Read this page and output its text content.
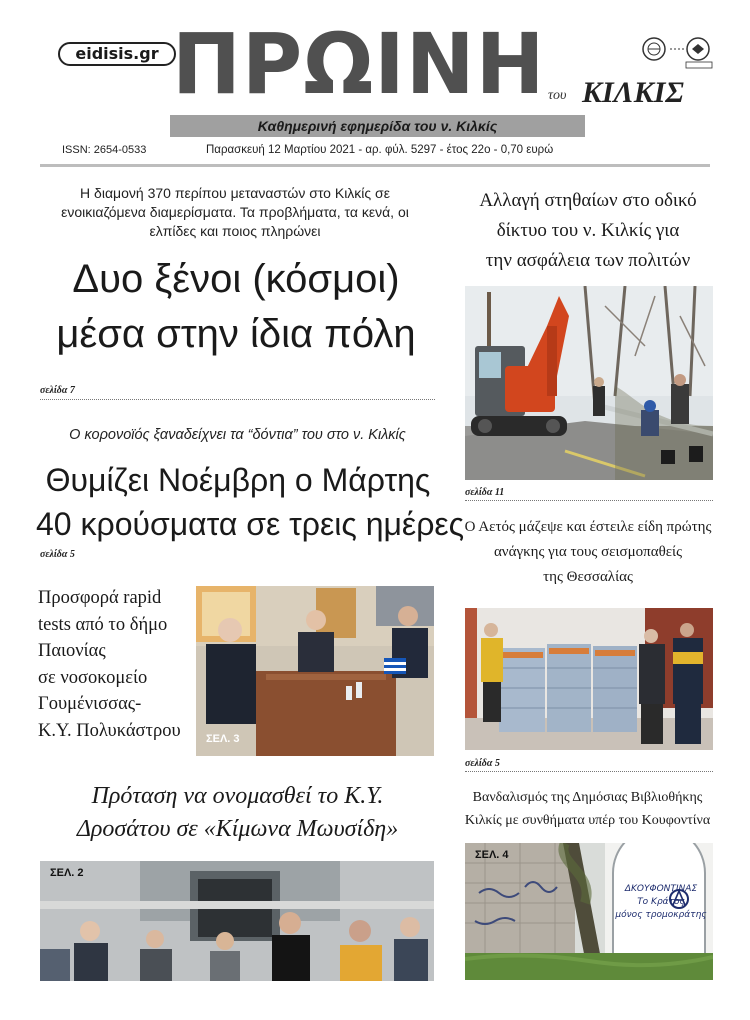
eidisis.gr ΠΡΩΙΝΗ του ΚΙΛΚΙΣ
Καθημερινή εφημερίδα του ν. Κιλκίς
ISSN: 2654-0533	Παρασκευή 12 Μαρτίου 2021 - αρ. φύλ. 5297 - έτος 22ο - 0,70 ευρώ
Η διαμονή 370 περίπου μεταναστών στο Κιλκίς σε ενοικιαζόμενα διαμερίσματα. Τα προβλήματα, τα κενά, οι ελπίδες και ποιος πληρώνει
Δυο ξένοι (κόσμοι)
μέσα στην ίδια πόλη
σελίδα 7
Ο κορονοϊός ξαναδείχνει τα “δόντια” του στο ν. Κιλκίς
Θυμίζει Νοέμβρη ο Μάρτης
40 κρούσματα σε τρεις ημέρες
σελίδα 5
Προσφορά rapid
tests από το δήμο
Παιονίας
σε νοσοκομείο
Γουμένισσας-
Κ.Υ. Πολυκάστρου	ΣΕΛ. 3
Πρόταση να ονομασθεί το Κ.Υ.
Δροσάτου σε «Κίμωνα Μωυσίδη»
ΣΕΛ. 2
Αλλαγή στηθαίων στο οδικό
δίκτυο του ν. Κιλκίς για
την ασφάλεια των πολιτών
σελίδα 11
Ο Αετός μάζεψε και έστειλε είδη πρώτης
ανάγκης για τους σεισμοπαθείς
της Θεσσαλίας
σελίδα 5
Βανδαλισμός της Δημόσιας Βιβλιοθήκης
Κιλκίς με συνθήματα υπέρ του Κουφοντίνα
ΣΕΛ. 4
ΔΚΟΥΦΟΝΤΙΝΑΣ
Το Κράτος
μόνος τρομοκράτης
